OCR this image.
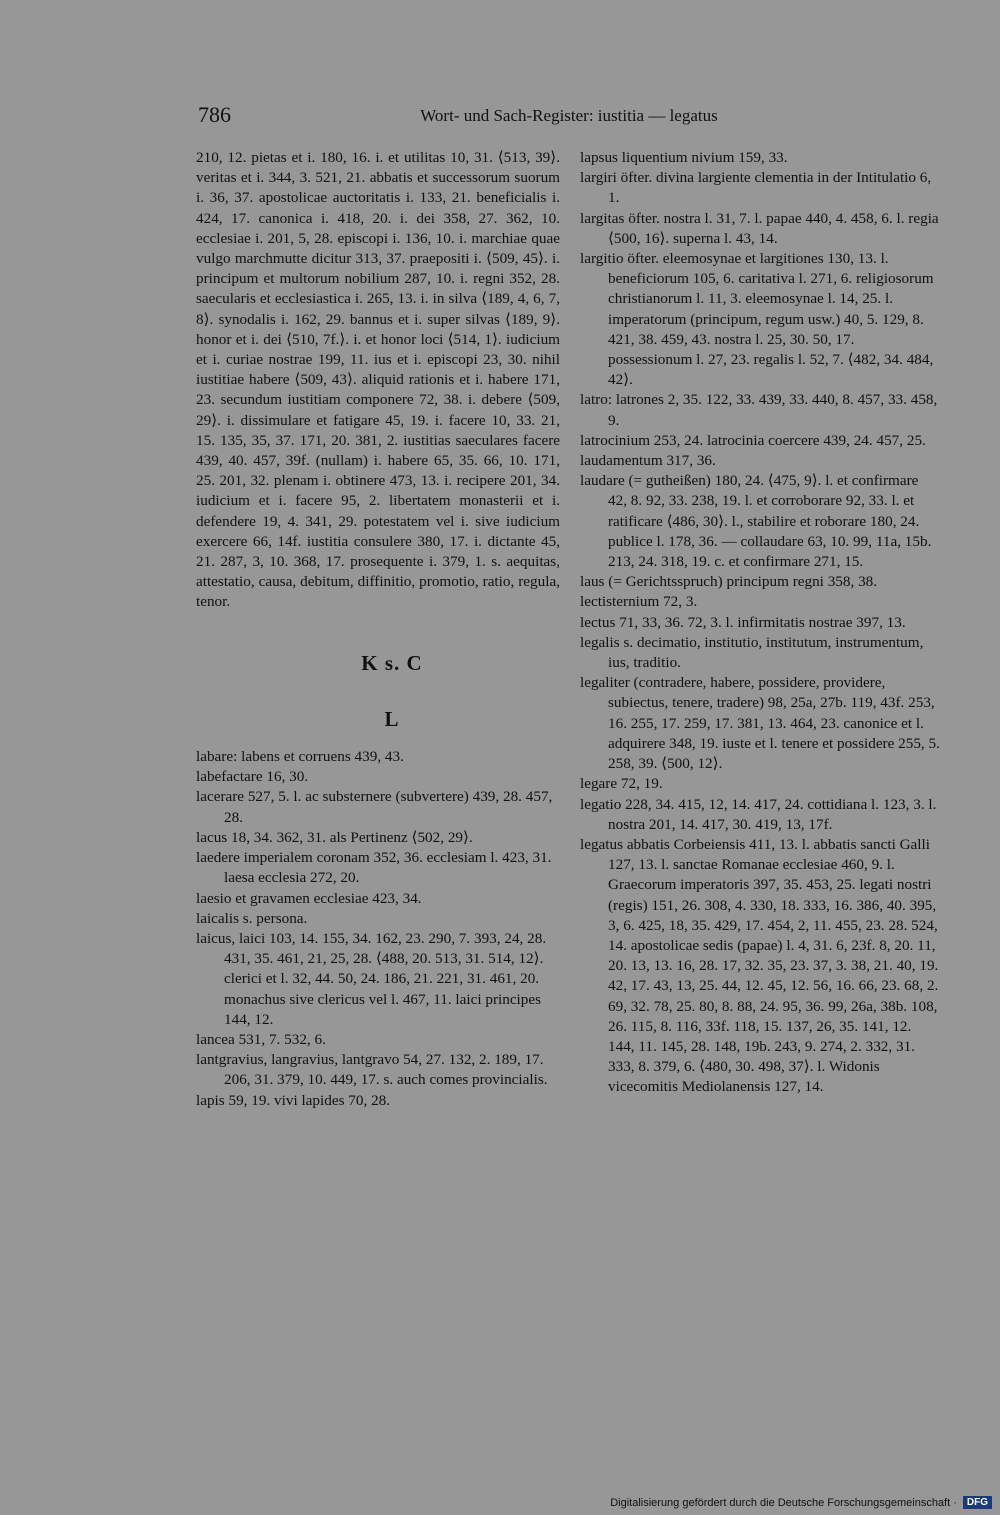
786	Wort- und Sach-Register: iustitia — legatus
210, 12. pietas et i. 180, 16. i. et utilitas 10, 31. ⟨513, 39⟩. veritas et i. 344, 3. 521, 21. abbatis et successorum suorum i. 36, 37. apostolicae auctoritatis i. 133, 21. beneficialis i. 424, 17. canonica i. 418, 20. i. dei 358, 27. 362, 10. ecclesiae i. 201, 5, 28. episcopi i. 136, 10. i. marchiae quae vulgo marchmutte dicitur 313, 37. praepositi i. ⟨509, 45⟩. i. principum et multorum nobilium 287, 10. i. regni 352, 28. saecularis et ecclesiastica i. 265, 13. i. in silva ⟨189, 4, 6, 7, 8⟩. synodalis i. 162, 29. bannus et i. super silvas ⟨189, 9⟩. honor et i. dei ⟨510, 7f.⟩. i. et honor loci ⟨514, 1⟩. iudicium et i. curiae nostrae 199, 11. ius et i. episcopi 23, 30. nihil iustitiae habere ⟨509, 43⟩. aliquid rationis et i. habere 171, 23. secundum iustitiam componere 72, 38. i. debere ⟨509, 29⟩. i. dissimulare et fatigare 45, 19. i. facere 10, 33. 21, 15. 135, 35, 37. 171, 20. 381, 2. iustitias saeculares facere 439, 40. 457, 39f. (nullam) i. habere 65, 35. 66, 10. 171, 25. 201, 32. plenam i. obtinere 473, 13. i. recipere 201, 34. iudicium et i. facere 95, 2. libertatem monasterii et i. defendere 19, 4. 341, 29. potestatem vel i. sive iudicium exercere 66, 14f. iustitia consulere 380, 17. i. dictante 45, 21. 287, 3, 10. 368, 17. prosequente i. 379, 1. s. aequitas, attestatio, causa, debitum, diffinitio, promotio, ratio, regula, tenor.
K s. C
L
labare: labens et corruens 439, 43.
labefactare 16, 30.
lacerare 527, 5. l. ac substernere (subvertere) 439, 28. 457, 28.
lacus 18, 34. 362, 31. als Pertinenz ⟨502, 29⟩.
laedere imperialem coronam 352, 36. ecclesiam l. 423, 31. laesa ecclesia 272, 20.
laesio et gravamen ecclesiae 423, 34.
laicalis s. persona.
laicus, laici 103, 14. 155, 34. 162, 23. 290, 7. 393, 24, 28. 431, 35. 461, 21, 25, 28. ⟨488, 20. 513, 31. 514, 12⟩. clerici et l. 32, 44. 50, 24. 186, 21. 221, 31. 461, 20. monachus sive clericus vel l. 467, 11. laici principes 144, 12.
lancea 531, 7. 532, 6.
lantgravius, langravius, lantgravo 54, 27. 132, 2. 189, 17. 206, 31. 379, 10. 449, 17. s. auch comes provincialis.
lapis 59, 19. vivi lapides 70, 28.
lapsus liquentium nivium 159, 33.
largiri öfter. divina largiente clementia in der Intitulatio 6, 1.
largitas öfter. nostra l. 31, 7. l. papae 440, 4. 458, 6. l. regia ⟨500, 16⟩. superna l. 43, 14.
largitio öfter. eleemosynae et largitiones 130, 13. l. beneficiorum 105, 6. caritativa l. 271, 6. religiosorum christianorum l. 11, 3. eleemosynae l. 14, 25. l. imperatorum (principum, regum usw.) 40, 5. 129, 8. 421, 38. 459, 43. nostra l. 25, 30. 50, 17. possessionum l. 27, 23. regalis l. 52, 7. ⟨482, 34. 484, 42⟩.
latro: latrones 2, 35. 122, 33. 439, 33. 440, 8. 457, 33. 458, 9.
latrocinium 253, 24. latrocinia coercere 439, 24. 457, 25.
laudamentum 317, 36.
laudare (= gutheißen) 180, 24. ⟨475, 9⟩. l. et confirmare 42, 8. 92, 33. 238, 19. l. et corroborare 92, 33. l. et ratificare ⟨486, 30⟩. l., stabilire et roborare 180, 24. publice l. 178, 36. — collaudare 63, 10. 99, 11a, 15b. 213, 24. 318, 19. c. et confirmare 271, 15.
laus (= Gerichtsspruch) principum regni 358, 38.
lectisternium 72, 3.
lectus 71, 33, 36. 72, 3. l. infirmitatis nostrae 397, 13.
legalis s. decimatio, institutio, institutum, instrumentum, ius, traditio.
legaliter (contradere, habere, possidere, providere, subiectus, tenere, tradere) 98, 25a, 27b. 119, 43f. 253, 16. 255, 17. 259, 17. 381, 13. 464, 23. canonice et l. adquirere 348, 19. iuste et l. tenere et possidere 255, 5. 258, 39. ⟨500, 12⟩.
legare 72, 19.
legatio 228, 34. 415, 12, 14. 417, 24. cottidiana l. 123, 3. l. nostra 201, 14. 417, 30. 419, 13, 17f.
legatus abbatis Corbeiensis 411, 13. l. abbatis sancti Galli 127, 13. l. sanctae Romanae ecclesiae 460, 9. l. Graecorum imperatoris 397, 35. 453, 25. legati nostri (regis) 151, 26. 308, 4. 330, 18. 333, 16. 386, 40. 395, 3, 6. 425, 18, 35. 429, 17. 454, 2, 11. 455, 23. 28. 524, 14. apostolicae sedis (papae) l. 4, 31. 6, 23f. 8, 20. 11, 20. 13, 13. 16, 28. 17, 32. 35, 23. 37, 3. 38, 21. 40, 19. 42, 17. 43, 13, 25. 44, 12. 45, 12. 56, 16. 66, 23. 68, 2. 69, 32. 78, 25. 80, 8. 88, 24. 95, 36. 99, 26a, 38b. 108, 26. 115, 8. 116, 33f. 118, 15. 137, 26, 35. 141, 12. 144, 11. 145, 28. 148, 19b. 243, 9. 274, 2. 332, 31. 333, 8. 379, 6. ⟨480, 30. 498, 37⟩. l. Widonis vicecomitis Mediolanensis 127, 14.
Digitalisierung gefördert durch die Deutsche Forschungsgemeinschaft ·	DFG
